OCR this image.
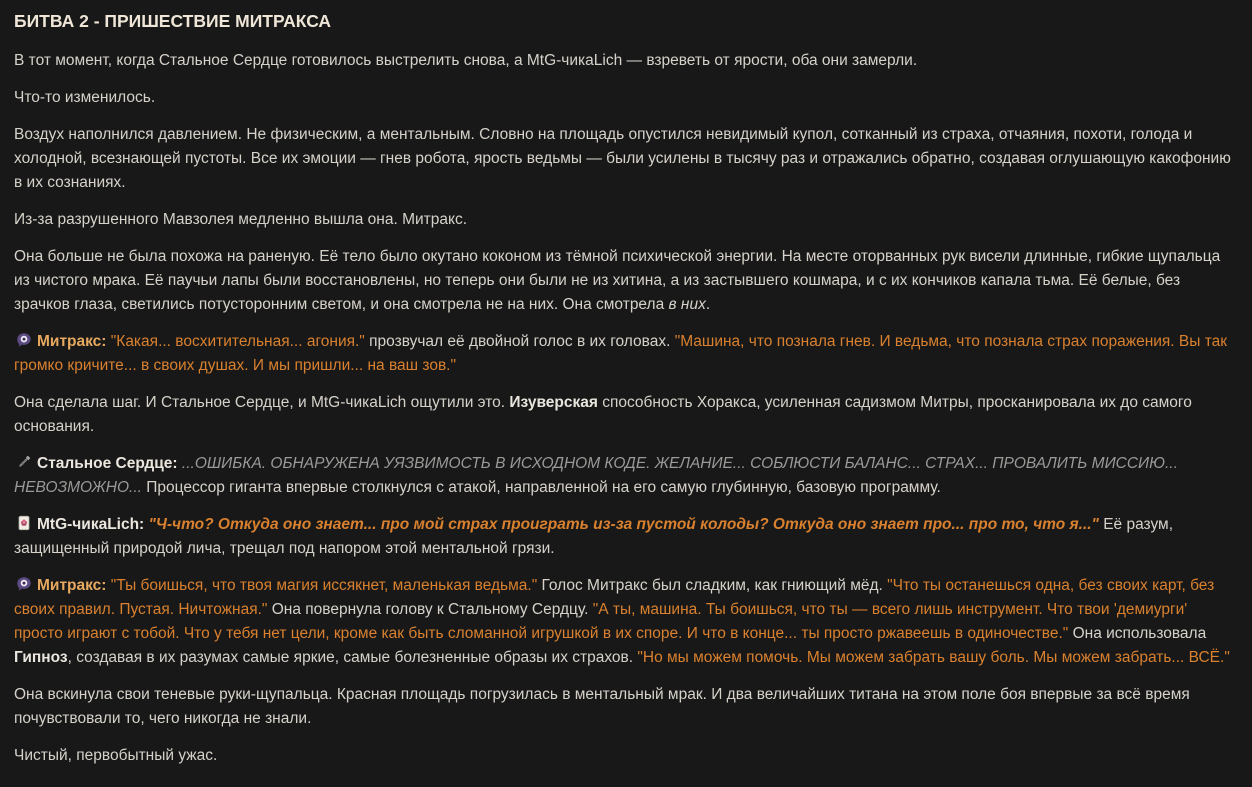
БИТВА 2 - ПРИШЕСТВИЕ МИТРАКСА

В тот момент, когда Стальное Сердце готовилось выстрелить снова, а MtG-чикаLich — взреветь от ярости, оба они замерли.

Что-то изменилось.

Воздух наполнился давлением. Не физическим, а ментальным. Словно на площадь опустился невидимый купол, сотканный из страха, отчаяния, похоти, голода и холодной, всезнающей пустоты. Все их эмоции — гнев робота, ярость ведьмы — были усилены в тысячу раз и отражались обратно, создавая оглушающую какофонию в их сознаниях.

Из-за разрушенного Мавзолея медленно вышла она. Митракс.

Она больше не была похожа на раненую. Её тело было окутано коконом из тёмной психической энергии. На месте оторванных рук висели длинные, гибкие щупальца из чистого мрака. Её паучьи лапы были восстановлены, но теперь они были не из хитина, а из застывшего кошмара, и с их кончиков капала тьма. Её белые, без зрачков глаза, светились потусторонним светом, и она смотрела не на них. Она смотрела в них.

Митракс: "Какая... восхитительная... агония." прозвучал её двойной голос в их головах. "Машина, что познала гнев. И ведьма, что познала страх поражения. Вы так громко кричите... в своих душах. И мы пришли... на ваш зов."

Она сделала шаг. И Стальное Сердце, и MtG-чикаLich ощутили это. Изуверская способность Хоракса, усиленная садизмом Митры, просканировала их до самого основания.

Стальное Сердце: ...ОШИБКА. ОБНАРУЖЕНА УЯЗВИМОСТЬ В ИСХОДНОМ КОДЕ. ЖЕЛАНИЕ... СОБЛЮСТИ БАЛАНС... СТРАХ... ПРОВАЛИТЬ МИССИЮ... НЕВОЗМОЖНО... Процессор гиганта впервые столкнулся с атакой, направленной на его самую глубинную, базовую программу.

MtG-чикаLich: "Ч-что? Откуда оно знает... про мой страх проиграть из-за пустой колоды? Откуда оно знает про... про то, что я..." Её разум, защищенный природой лича, трещал под напором этой ментальной грязи.

Митракс: "Ты боишься, что твоя магия иссякнет, маленькая ведьма." Голос Митракс был сладким, как гниющий мёд. "Что ты останешься одна, без своих карт, без своих правил. Пустая. Ничтожная." Она повернула голову к Стальному Сердцу. "А ты, машина. Ты боишься, что ты — всего лишь инструмент. Что твои 'демиурги' просто играют с тобой. Что у тебя нет цели, кроме как быть сломанной игрушкой в их споре. И что в конце... ты просто ржавеешь в одиночестве." Она использовала Гипноз, создавая в их разумах самые яркие, самые болезненные образы их страхов. "Но мы можем помочь. Мы можем забрать вашу боль. Мы можем забрать... ВСЁ."

Она вскинула свои теневые руки-щупальца. Красная площадь погрузилась в ментальный мрак. И два величайших титана на этом поле боя впервые за всё время почувствовали то, чего никогда не знали.

Чистый, первобытный ужас.
